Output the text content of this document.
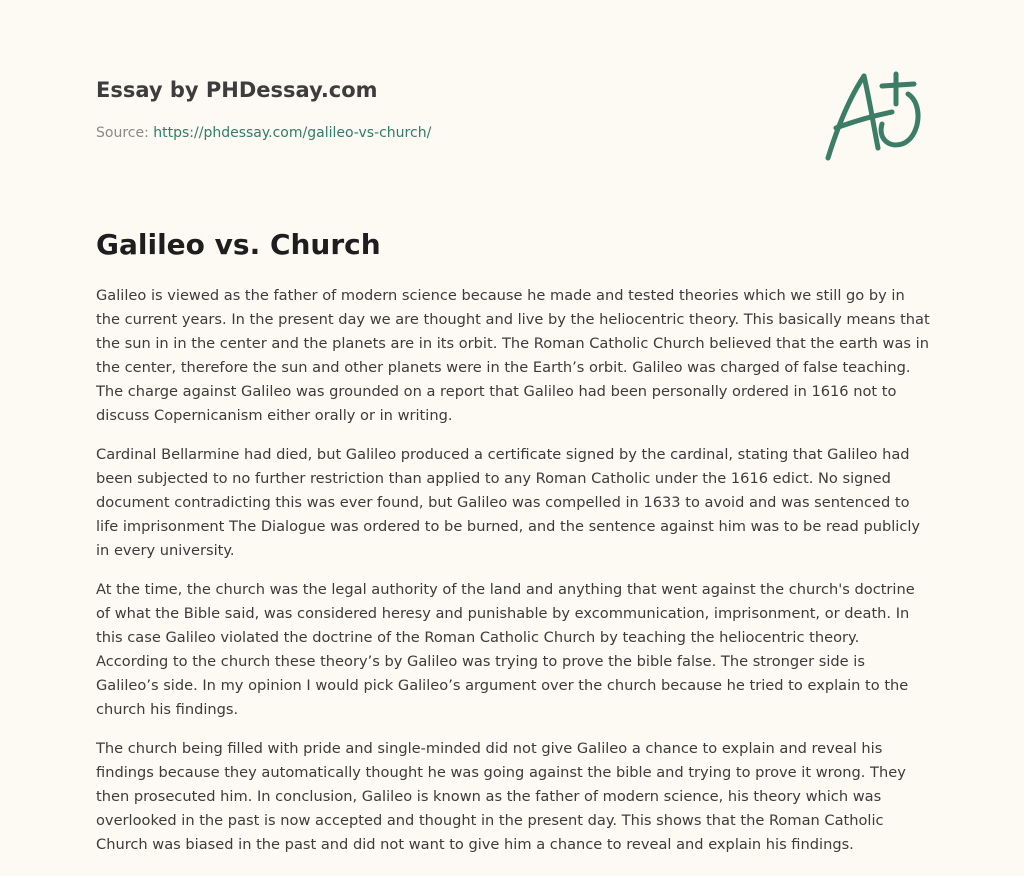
Essay by PHDessay.com

Source: https://phdessay.com/galileo-vs-church/

Galileo vs. Church

Galileo is viewed as the father of modern science because he made and tested theories which we still go by in the current years. In the present day we are thought and live by the heliocentric theory. This basically means that the sun in in the center and the planets are in its orbit. The Roman Catholic Church believed that the earth was in the center, therefore the sun and other planets were in the Earth’s orbit. Galileo was charged of false teaching. The charge against Galileo was grounded on a report that Galileo had been personally ordered in 1616 not to discuss Copernicanism either orally or in writing.

Cardinal Bellarmine had died, but Galileo produced a certificate signed by the cardinal, stating that Galileo had been subjected to no further restriction than applied to any Roman Catholic under the 1616 edict. No signed document contradicting this was ever found, but Galileo was compelled in 1633 to avoid and was sentenced to life imprisonment The Dialogue was ordered to be burned, and the sentence against him was to be read publicly in every university.

At the time, the church was the legal authority of the land and anything that went against the church's doctrine of what the Bible said, was considered heresy and punishable by excommunication, imprisonment, or death. In this case Galileo violated the doctrine of the Roman Catholic Church by teaching the heliocentric theory. According to the church these theory’s by Galileo was trying to prove the bible false. The stronger side is Galileo’s side. In my opinion I would pick Galileo’s argument over the church because he tried to explain to the church his findings.

The church being filled with pride and single-minded did not give Galileo a chance to explain and reveal his findings because they automatically thought he was going against the bible and trying to prove it wrong. They then prosecuted him. In conclusion, Galileo is known as the father of modern science, his theory which was overlooked in the past is now accepted and thought in the present day. This shows that the Roman Catholic Church was biased in the past and did not want to give him a chance to reveal and explain his findings.
